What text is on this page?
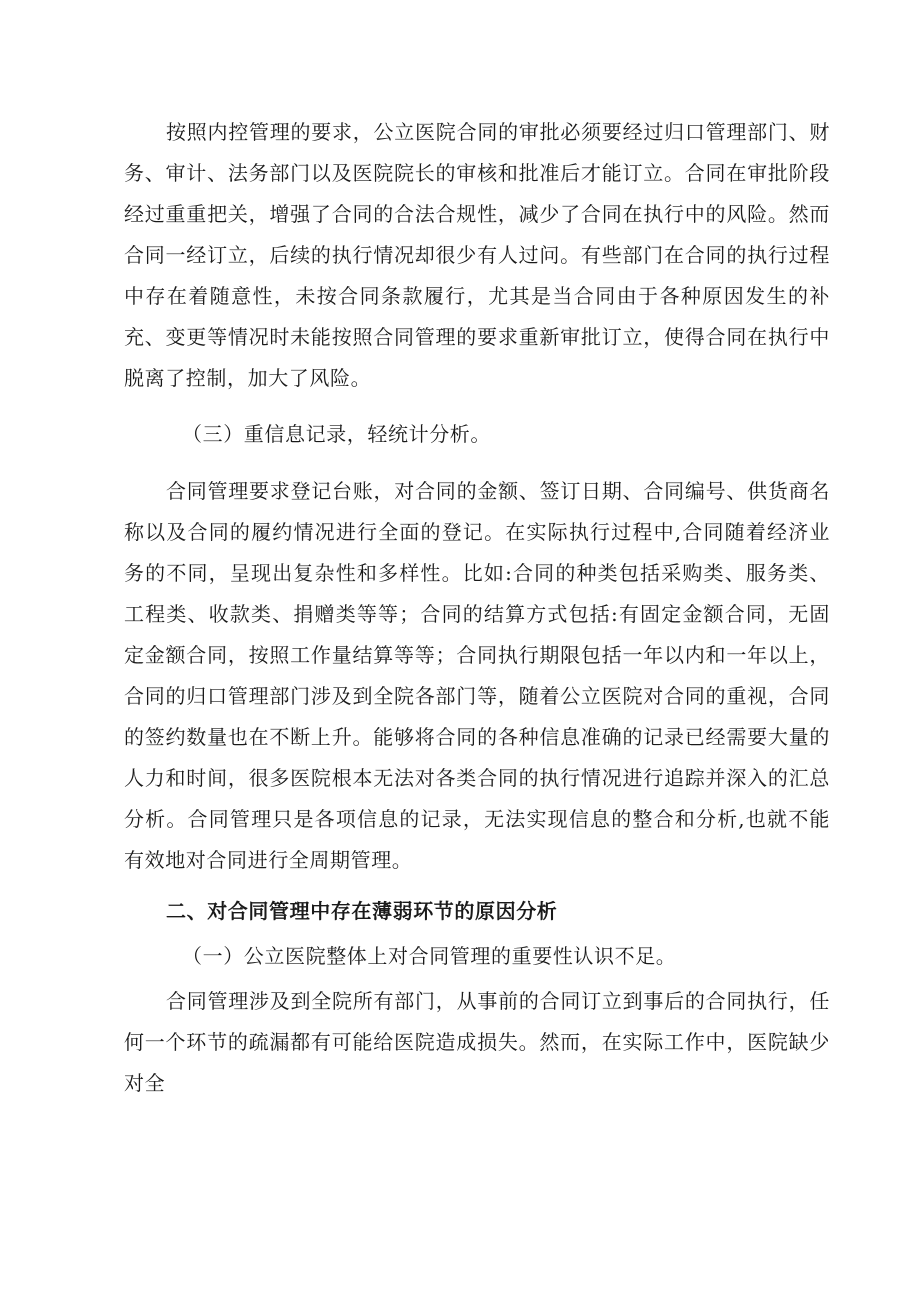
按照内控管理的要求，公立医院合同的审批必须要经过归口管理部门、财务、审计、法务部门以及医院院长的审核和批准后才能订立。合同在审批阶段经过重重把关，增强了合同的合法合规性，减少了合同在执行中的风险。然而合同一经订立，后续的执行情况却很少有人过问。有些部门在合同的执行过程中存在着随意性，未按合同条款履行，尤其是当合同由于各种原因发生的补充、变更等情况时未能按照合同管理的要求重新审批订立，使得合同在执行中脱离了控制，加大了风险。

（三）重信息记录，轻统计分析。

合同管理要求登记台账，对合同的金额、签订日期、合同编号、供货商名称以及合同的履约情况进行全面的登记。在实际执行过程中,合同随着经济业务的不同，呈现出复杂性和多样性。比如:合同的种类包括采购类、服务类、工程类、收款类、捐赠类等等；合同的结算方式包括:有固定金额合同，无固定金额合同，按照工作量结算等等；合同执行期限包括一年以内和一年以上，合同的归口管理部门涉及到全院各部门等，随着公立医院对合同的重视，合同的签约数量也在不断上升。能够将合同的各种信息准确的记录已经需要大量的人力和时间，很多医院根本无法对各类合同的执行情况进行追踪并深入的汇总分析。合同管理只是各项信息的记录，无法实现信息的整合和分析,也就不能有效地对合同进行全周期管理。

二、对合同管理中存在薄弱环节的原因分析

（一）公立医院整体上对合同管理的重要性认识不足。

合同管理涉及到全院所有部门，从事前的合同订立到事后的合同执行，任何一个环节的疏漏都有可能给医院造成损失。然而，在实际工作中，医院缺少对全
